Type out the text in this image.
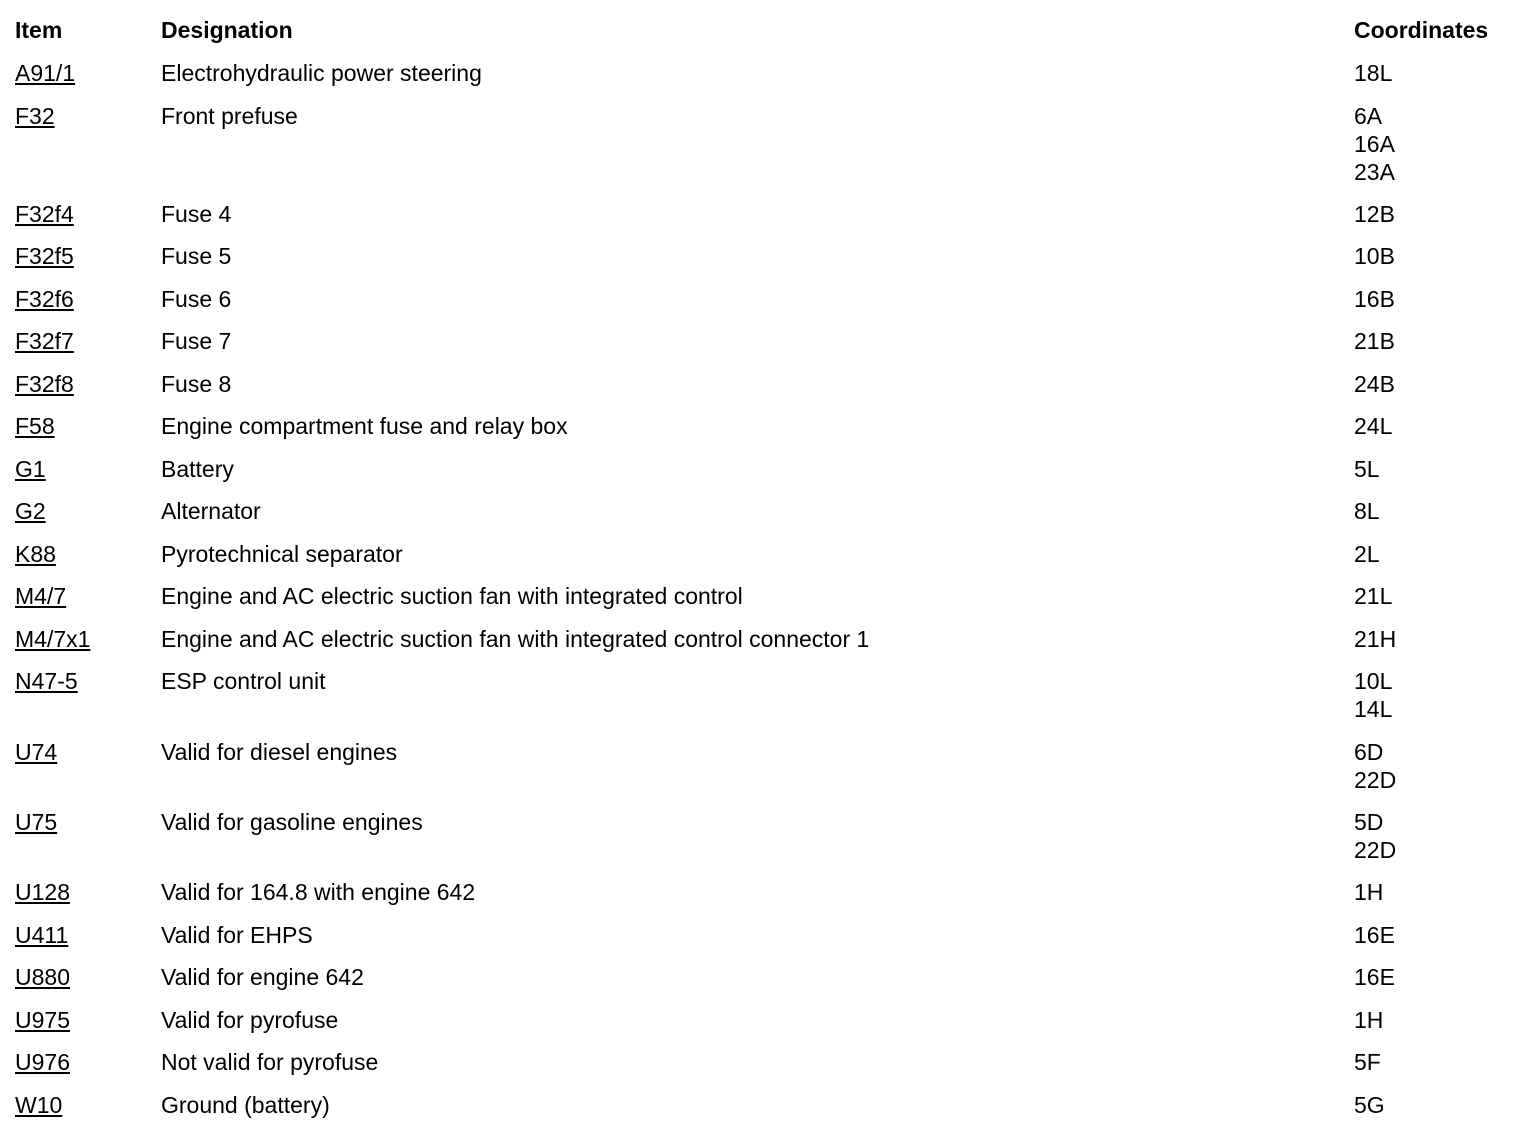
Item	Designation	Coordinates
A91/1	Electrohydraulic power steering	18L
F32	Front prefuse	6A
16A
23A
F32f4	Fuse 4	12B
F32f5	Fuse 5	10B
F32f6	Fuse 6	16B
F32f7	Fuse 7	21B
F32f8	Fuse 8	24B
F58	Engine compartment fuse and relay box	24L
G1	Battery	5L
G2	Alternator	8L
K88	Pyrotechnical separator	2L
M4/7	Engine and AC electric suction fan with integrated control	21L
M4/7x1	Engine and AC electric suction fan with integrated control connector 1	21H
N47-5	ESP control unit	10L
14L
U74	Valid for diesel engines	6D
22D
U75	Valid for gasoline engines	5D
22D
U128	Valid for 164.8 with engine 642	1H
U411	Valid for EHPS	16E
U880	Valid for engine 642	16E
U975	Valid for pyrofuse	1H
U976	Not valid for pyrofuse	5F
W10	Ground (battery)	5G
